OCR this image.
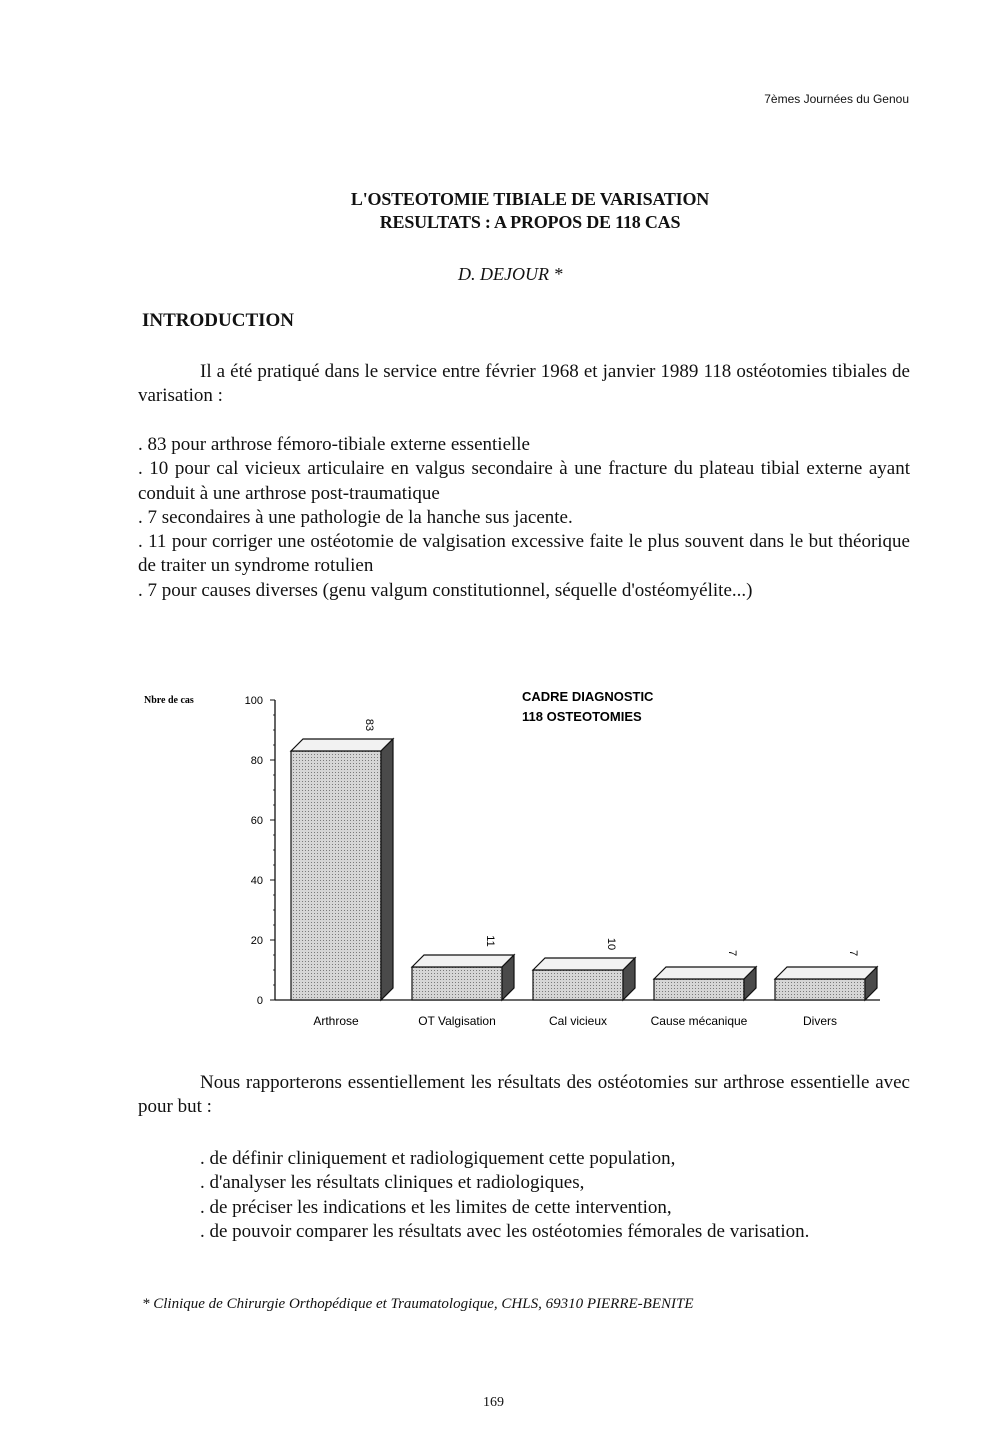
7èmes Journées du Genou
L'OSTEOTOMIE TIBIALE DE VARISATION
RESULTATS : A PROPOS DE 118 CAS
D. DEJOUR *
INTRODUCTION

Il a été pratiqué dans le service entre février 1968 et janvier 1989 118 ostéotomies tibiales de varisation :

. 83 pour arthrose fémoro-tibiale externe essentielle

. 10 pour cal vicieux articulaire en valgus secondaire à une fracture du plateau tibial externe ayant conduit à une arthrose post-traumatique

. 7 secondaires à une pathologie de la hanche sus jacente.

. 11 pour corriger une ostéotomie de valgisation excessive faite le plus souvent dans le but théorique de traiter un syndrome rotulien

. 7 pour causes diverses (genu valgum constitutionnel, séquelle d'ostéomyélite...)

Nbre de cas	CADRE DIAGNOSTIC
118 OSTEOTOMIES
0
20
40
60
80
100
83
Arthrose
11
OT Valgisation
10
Cal vicieux
7
Cause mécanique
7
Divers

Nous rapporterons essentiellement les résultats des ostéotomies sur arthrose essentielle avec pour but :

. de définir cliniquement et radiologiquement cette population,

. d'analyser les résultats cliniques et radiologiques,

. de préciser les indications et les limites de cette intervention,

. de pouvoir comparer les résultats avec les ostéotomies fémorales de varisation.

* Clinique de Chirurgie Orthopédique et Traumatologique, CHLS, 69310 PIERRE-BENITE
169
